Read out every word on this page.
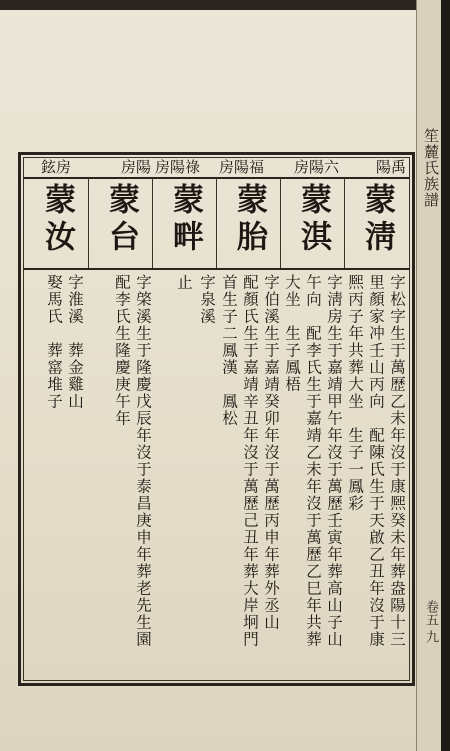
笙麓氏族譜
卷五 九
陽禹
房陽六
房陽福
房陽祿
房陽
鉉房
蒙淸
蒙淇
蒙胎
蒙畔
蒙台
蒙汝
字松字生于萬歷乙未年沒于康熈癸未年葬盎陽十三
里顏家冲壬山丙向　配陳氏生于天啟乙丑年沒于康
熈丙子年共葬大坐　生子一鳳彩
字淸房生于嘉靖甲午年沒于萬歷壬寅年葬高山子山
午向　配李氏生于嘉靖乙未年沒于萬歷乙巳年共葬
大坐　生子鳳梧
字伯溪生于嘉靖癸卯年沒于萬歷丙申年葬外丞山
配顏氏生于嘉靖辛丑年沒于萬歷己丑年葬大岸坰門
首生子二鳳漢　鳳松
字泉溪
止
字棨溪生于隆慶戊辰年沒于泰昌庚申年葬老先生園
配李氏生隆慶庚午年
字淮溪　葬金雞山
娶馬氏　葬窰堆子
